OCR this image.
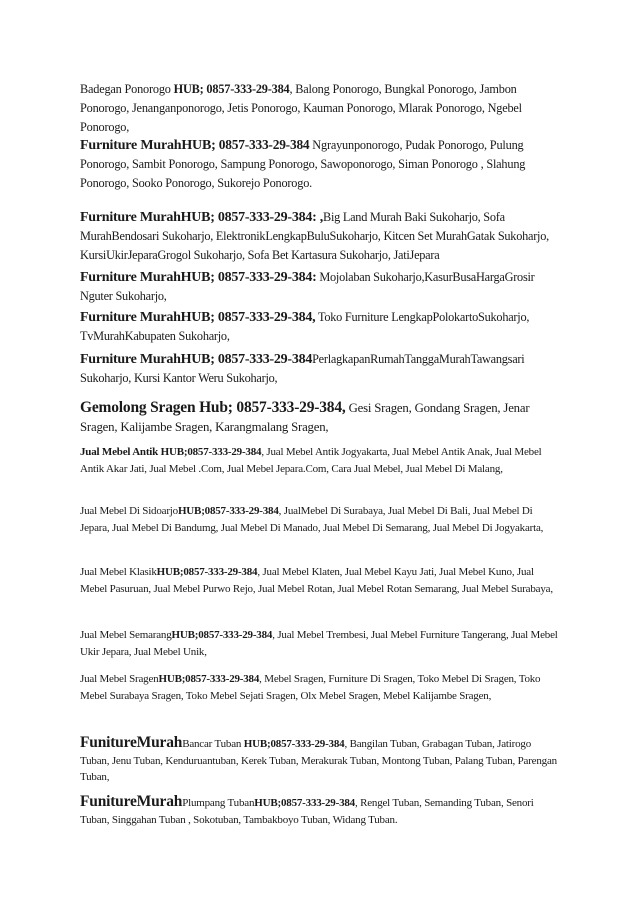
Badegan Ponorogo HUB; 0857-333-29-384, Balong Ponorogo, Bungkal Ponorogo, Jambon Ponorogo, Jenanganponorogo, Jetis Ponorogo, Kauman Ponorogo, Mlarak Ponorogo, Ngebel Ponorogo,

Furniture MurahHUB; 0857-333-29-384 Ngrayunponorogo, Pudak Ponorogo, Pulung Ponorogo, Sambit Ponorogo, Sampung Ponorogo, Sawoponorogo, Siman Ponorogo , Slahung Ponorogo, Sooko Ponorogo, Sukorejo Ponorogo.

Furniture MurahHUB; 0857-333-29-384: ,Big Land Murah Baki Sukoharjo, Sofa MurahBendosari Sukoharjo, ElektronikLengkapBuluSukoharjo, Kitcen Set MurahGatak Sukoharjo, KursiUkirJeparaGrogol Sukoharjo, Sofa Bet Kartasura Sukoharjo, JatiJepara

Furniture MurahHUB; 0857-333-29-384: Mojolaban Sukoharjo,KasurBusaHargaGrosir Nguter Sukoharjo,

Furniture MurahHUB; 0857-333-29-384, Toko Furniture LengkapPolokartoSukoharjo, TvMurahKabupaten Sukoharjo,

Furniture MurahHUB; 0857-333-29-384PerlagkapanRumahTanggaMurahTawangsari Sukoharjo, Kursi Kantor Weru Sukoharjo,

Gemolong Sragen Hub; 0857-333-29-384, Gesi Sragen, Gondang Sragen, Jenar Sragen, Kalijambe Sragen, Karangmalang Sragen,

Jual Mebel Antik HUB;0857-333-29-384, Jual Mebel Antik Jogyakarta, Jual Mebel Antik Anak, Jual Mebel Antik Akar Jati, Jual Mebel .Com, Jual Mebel Jepara.Com, Cara Jual Mebel, Jual Mebel Di Malang,

Jual Mebel Di SidoarjoHUB;0857-333-29-384, JualMebel Di Surabaya, Jual Mebel Di Bali, Jual Mebel Di Jepara, Jual Mebel Di Bandumg, Jual Mebel Di Manado, Jual Mebel Di Semarang, Jual Mebel Di Jogyakarta,

Jual Mebel KlasikHUB;0857-333-29-384, Jual Mebel Klaten, Jual Mebel Kayu Jati, Jual Mebel Kuno, Jual Mebel Pasuruan, Jual Mebel Purwo Rejo, Jual Mebel Rotan, Jual Mebel Rotan Semarang, Jual Mebel Surabaya,

Jual Mebel SemarangHUB;0857-333-29-384, Jual Mebel Trembesi, Jual Mebel Furniture Tangerang, Jual Mebel Ukir Jepara, Jual Mebel Unik,

Jual Mebel SragenHUB;0857-333-29-384, Mebel Sragen, Furniture Di Sragen, Toko Mebel Di Sragen, Toko Mebel Surabaya Sragen, Toko Mebel Sejati Sragen, Olx Mebel Sragen, Mebel Kalijambe Sragen,

FunitureMurahBancar Tuban HUB;0857-333-29-384, Bangilan Tuban, Grabagan Tuban, Jatirogo Tuban, Jenu Tuban, Kenduruantuban, Kerek Tuban, Merakurak Tuban, Montong Tuban, Palang Tuban, Parengan Tuban,

FunitureMurahPlumpang TubanHUB;0857-333-29-384, Rengel Tuban, Semanding Tuban, Senori Tuban, Singgahan Tuban , Sokotuban, Tambakboyo Tuban, Widang Tuban.
